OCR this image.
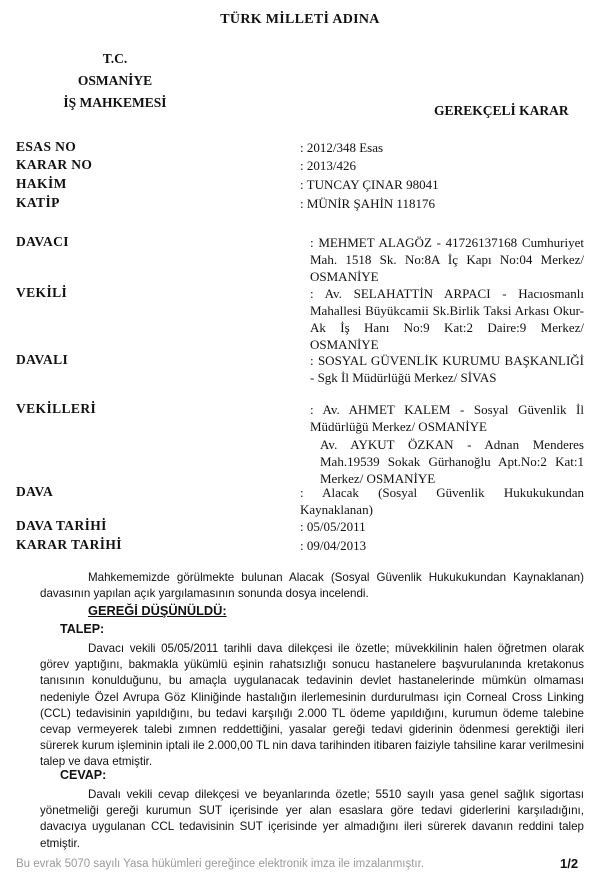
TÜRK MİLLETİ ADINA
T.C.
OSMANİYE
İŞ MAHKEMESİ
GEREKÇELİ KARAR
ESAS NO	: 2012/348 Esas
KARAR NO	: 2013/426
HAKİM	: TUNCAY ÇINAR 98041
KATİP	: MÜNİR ŞAHİN 118176
DAVACI	: MEHMET ALAGÖZ - 41726137168 Cumhuriyet Mah. 1518 Sk. No:8A İç Kapı No:04 Merkez/ OSMANİYE
VEKİLİ	: Av. SELAHATTİN ARPACI - Hacıosmanlı Mahallesi Büyükcamii Sk.Birlik Taksi Arkası Okur-Ak İş Hanı No:9 Kat:2 Daire:9 Merkez/ OSMANİYE
DAVALI	: SOSYAL GÜVENLİK KURUMU BAŞKANLIĞİ - Sgk İl Müdürlüğü Merkez/ SİVAS
VEKİLLERİ	: Av. AHMET KALEM - Sosyal Güvenlik İl Müdürlüğü Merkez/ OSMANİYE
Av. AYKUT ÖZKAN - Adnan Menderes Mah.19539 Sokak Gürhanoğlu Apt.No:2 Kat:1 Merkez/ OSMANİYE
DAVA	: Alacak (Sosyal Güvenlik Hukukukundan Kaynaklanan)
DAVA TARİHİ	: 05/05/2011
KARAR TARİHİ	: 09/04/2013
Mahkememizde görülmekte bulunan Alacak (Sosyal Güvenlik Hukukukundan Kaynaklanan) davasının yapılan açık yargılamasının sonunda dosya incelendi.
GEREĞİ DÜŞÜNÜLDÜ:
TALEP:
Davacı vekili 05/05/2011 tarihli dava dilekçesi ile özetle; müvekkilinin halen öğretmen olarak görev yaptığını, bakmakla yükümlü eşinin rahatsızlığı sonucu hastanelere başvurulanında kretakonus tanısının konulduğunu, bu amaçla uygulanacak tedavinin devlet hastanelerinde mümkün olmaması nedeniyle Özel Avrupa Göz Kliniğinde hastalığın ilerlemesinin durdurulması için Corneal Cross Linking (CCL) tedavisinin yapıldığını, bu tedavi karşılığı 2.000 TL ödeme yapıldığını, kurumun ödeme talebine cevap vermeyerek talebi zımnen reddettiğini, yasalar gereği tedavi giderinin ödenmesi gerektiği ileri sürerek kurum işleminin iptali ile 2.000,00 TL nin dava tarihinden itibaren faiziyle tahsiline karar verilmesini talep ve dava etmiştir.
CEVAP:
Davalı vekili cevap dilekçesi ve beyanlarında özetle; 5510 sayılı yasa genel sağlık sigortası yönetmeliği gereği kurumun SUT içerisinde yer alan esaslara göre tedavi giderlerini karşıladığını, davacıya uygulanan CCL tedavisinin SUT içerisinde yer almadığını ileri sürerek davanın reddini talep etmiştir.
Bu evrak 5070 sayılı Yasa hükümleri gereğince elektronik imza ile imzalanmıştır.	1/2
